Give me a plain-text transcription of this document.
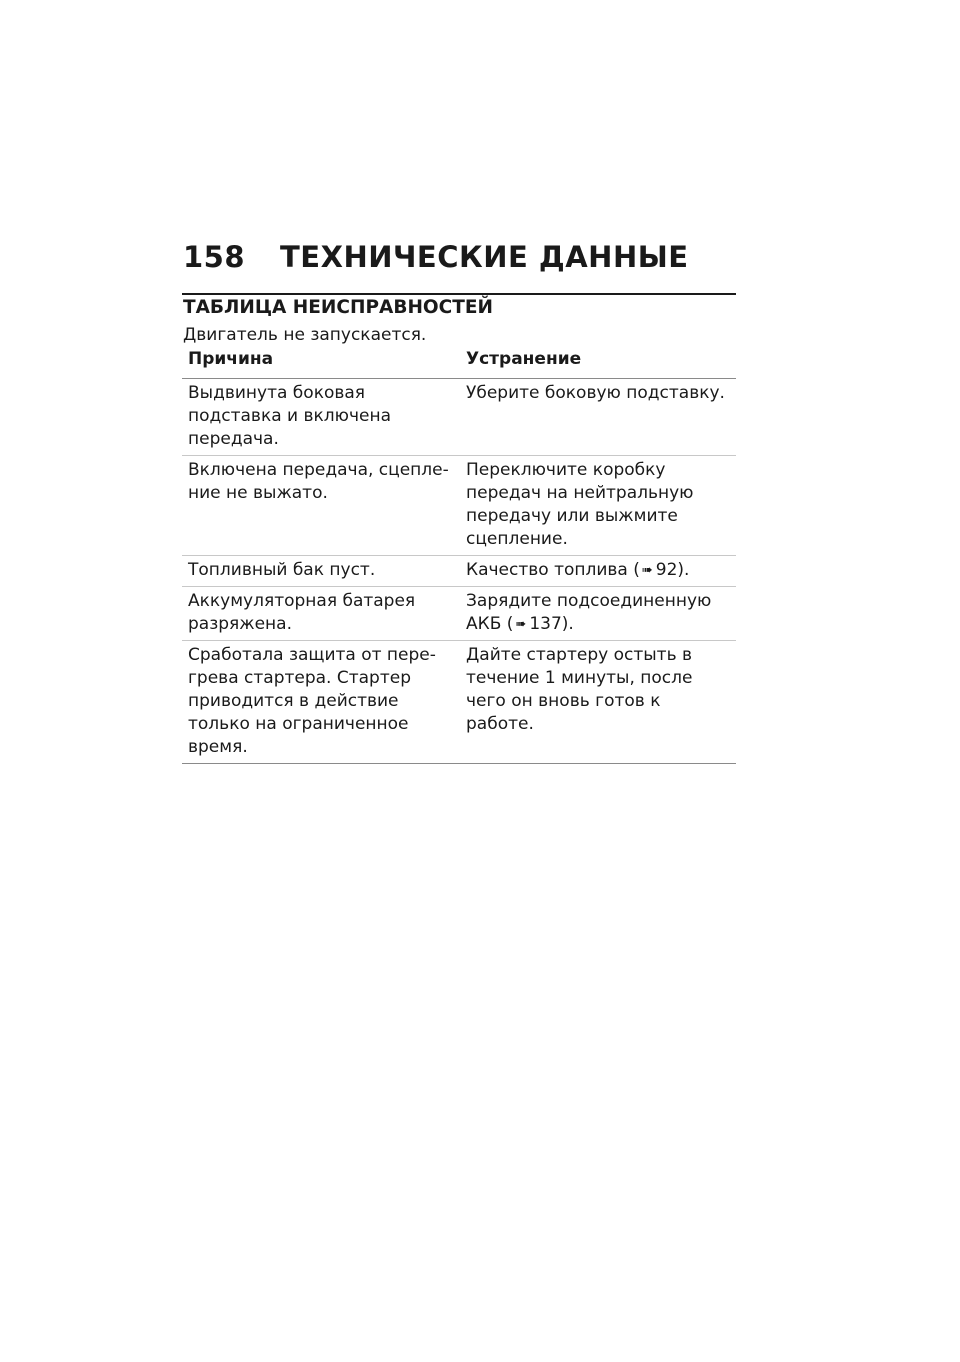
158 ТЕХНИЧЕСКИЕ ДАННЫЕ
ТАБЛИЦА НЕИСПРАВНОСТЕЙ
Двигатель не запускается.
Причина	Устранение
Выдвинута боковая подставка и включена передача.	Уберите боковую подставку.
Включена передача, сцепление не выжато.	Переключите коробку передач на нейтральную передачу или выжмите сцепление.
Топливный бак пуст.	Качество топлива ( ➠ 92).
Аккумуляторная батарея разряжена.	Зарядите подсоединенную АКБ ( ➠ 137).
Сработала защита от перегрева стартера. Стартер приводится в действие только на ограниченное время.	Дайте стартеру остыть в течение 1 минуты, после чего он вновь готов к работе.
